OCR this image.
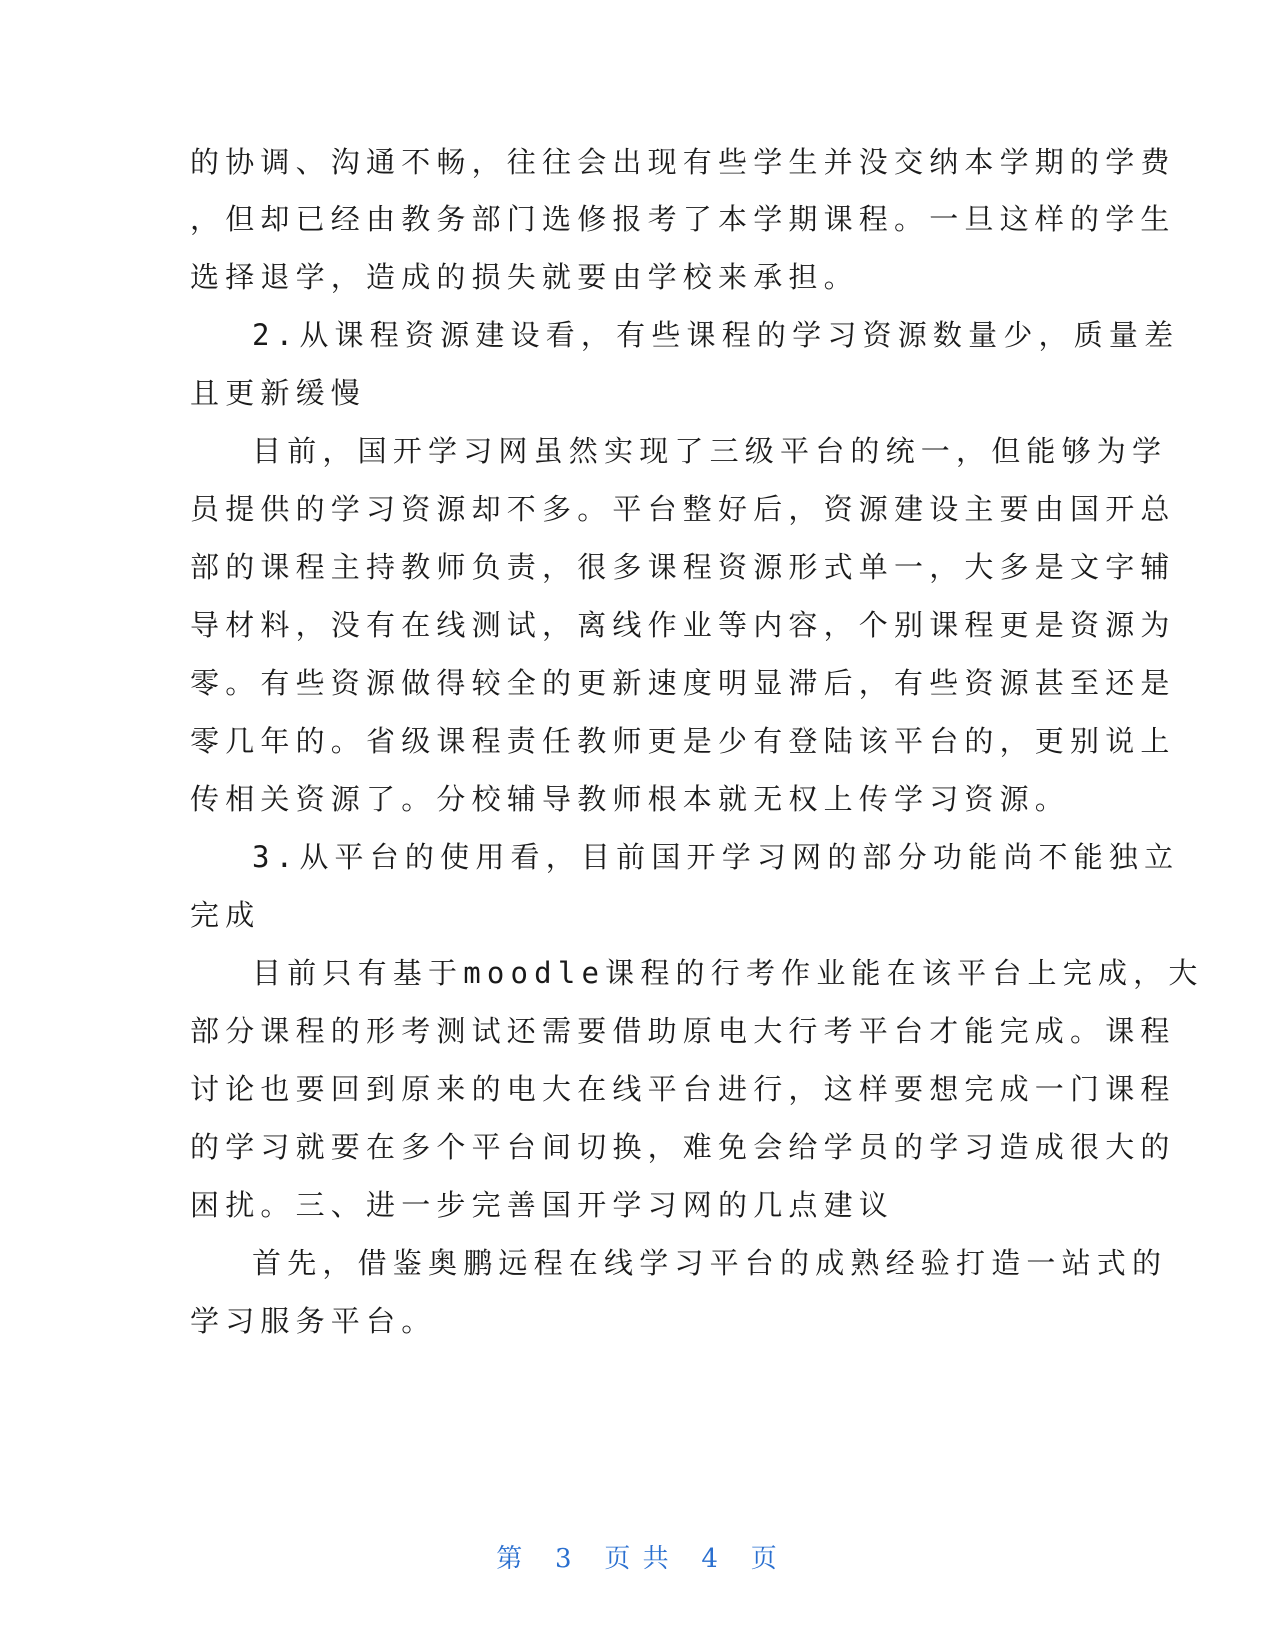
的协调、沟通不畅，往往会出现有些学生并没交纳本学期的学费
，但却已经由教务部门选修报考了本学期课程。一旦这样的学生
选择退学，造成的损失就要由学校来承担。
2.从课程资源建设看，有些课程的学习资源数量少，质量差
且更新缓慢
目前，国开学习网虽然实现了三级平台的统一，但能够为学
员提供的学习资源却不多。平台整好后，资源建设主要由国开总
部的课程主持教师负责，很多课程资源形式单一，大多是文字辅
导材料，没有在线测试，离线作业等内容，个别课程更是资源为
零。有些资源做得较全的更新速度明显滞后，有些资源甚至还是
零几年的。省级课程责任教师更是少有登陆该平台的，更别说上
传相关资源了。分校辅导教师根本就无权上传学习资源。
3.从平台的使用看，目前国开学习网的部分功能尚不能独立
完成
目前只有基于moodle课程的行考作业能在该平台上完成，大
部分课程的形考测试还需要借助原电大行考平台才能完成。课程
讨论也要回到原来的电大在线平台进行，这样要想完成一门课程
的学习就要在多个平台间切换，难免会给学员的学习造成很大的
困扰。三、进一步完善国开学习网的几点建议
首先，借鉴奥鹏远程在线学习平台的成熟经验打造一站式的
学习服务平台。
第 3 页 共 4 页
